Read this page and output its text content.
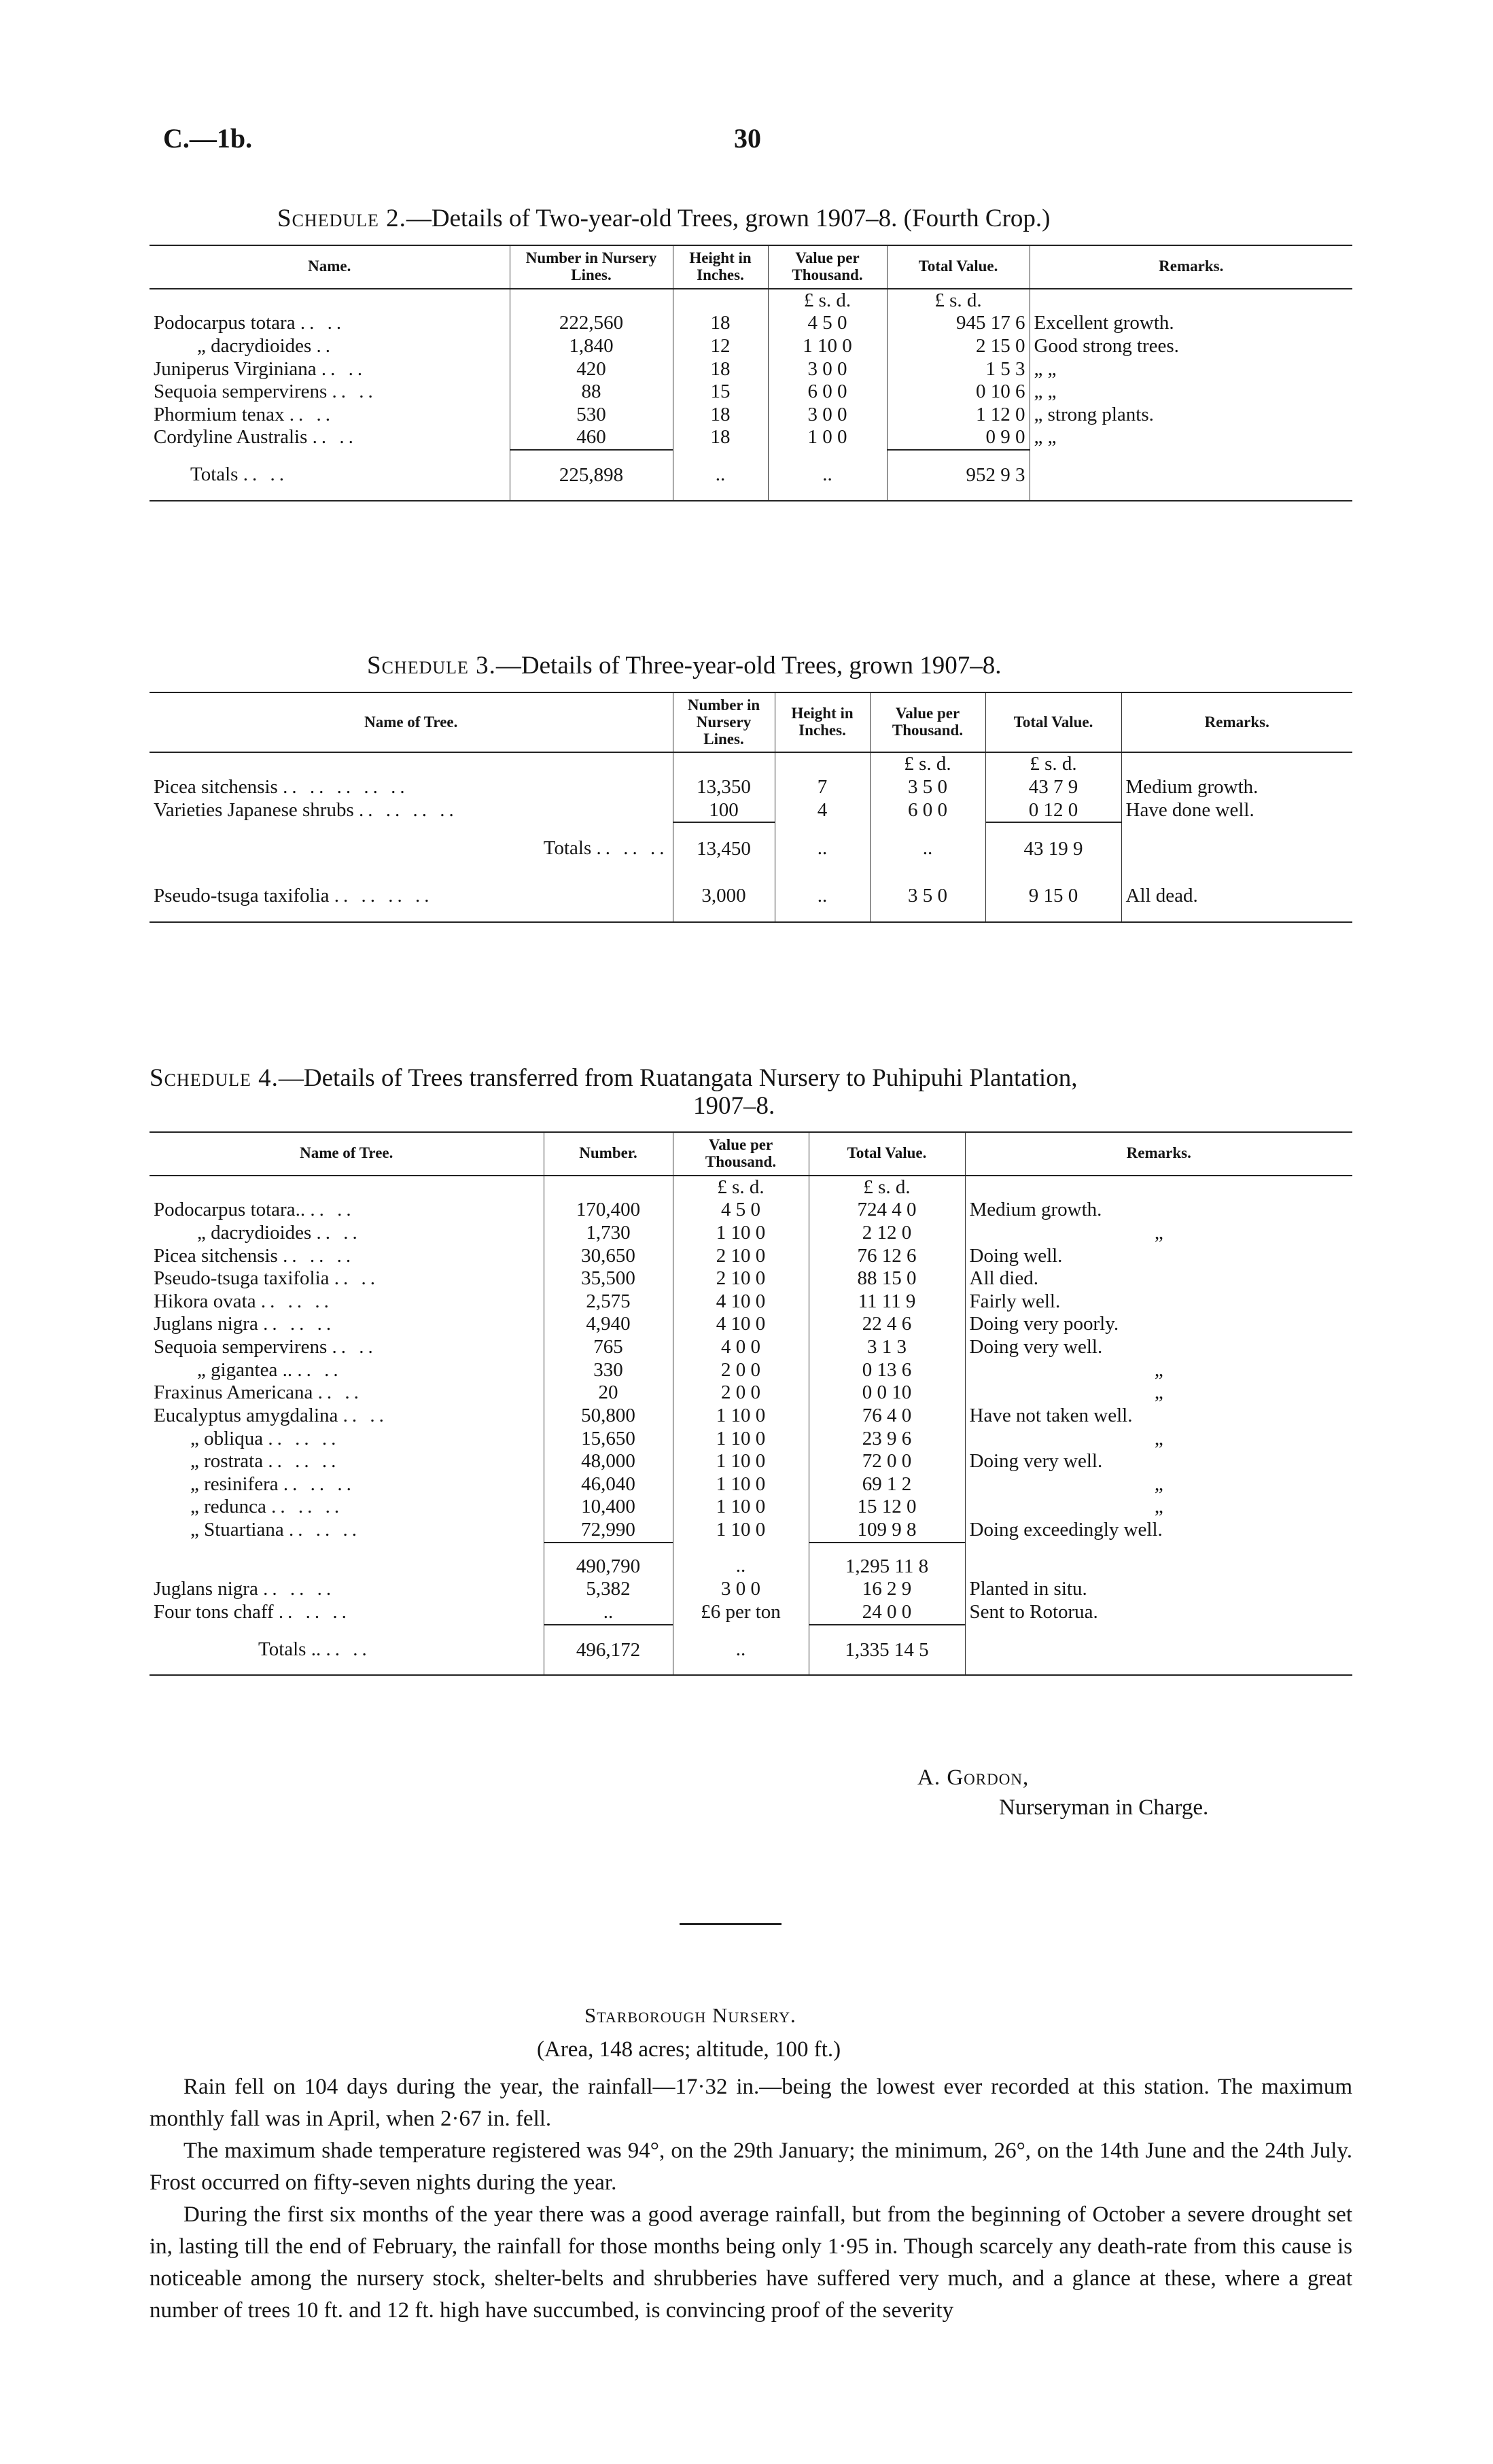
C.—1b.	30
Schedule 2.—Details of Two-year-old Trees, grown 1907–8. (Fourth Crop.)
Name.	Number in Nursery Lines.	Height in Inches.	Value per Thousand.	Total Value.	Remarks.
			£ s. d.	£ s. d.	
Podocarpus totara .. ..	222,560	18	4 5 0	945 17 6	Excellent growth.
„ dacrydioides ..	1,840	12	1 10 0	2 15 0	Good strong trees.
Juniperus Virginiana .. ..	420	18	3 0 0	1 5 3	„ „
Sequoia sempervirens .. ..	88	15	6 0 0	0 10 6	„ „
Phormium tenax .. ..	530	18	3 0 0	1 12 0	„ strong plants.
Cordyline Australis .. ..	460	18	1 0 0	0 9 0	„ „
Totals .. ..	225,898	..	..	952 9 3	
Schedule 3.—Details of Three-year-old Trees, grown 1907–8.
Name of Tree.	Number in Nursery Lines.	Height in Inches.	Value per Thousand.	Total Value.	Remarks.
			£ s. d.	£ s. d.	
Picea sitchensis .. .. .. .. ..	13,350	7	3 5 0	43 7 9	Medium growth.
Varieties Japanese shrubs .. .. .. ..	100	4	6 0 0	0 12 0	Have done well.
Totals .. .. ..	13,450	..	..	43 19 9	
Pseudo-tsuga taxifolia .. .. .. ..	3,000	..	3 5 0	9 15 0	All dead.
Schedule 4.—Details of Trees transferred from Ruatangata Nursery to Puhipuhi Plantation,
1907–8.
Name of Tree.	Number.	Value per Thousand.	Total Value.	Remarks.
		£ s. d.	£ s. d.	
Podocarpus totara.. .. ..	170,400	4 5 0	724 4 0	Medium growth.
„ dacrydioides .. ..	1,730	1 10 0	2 12 0	„
Picea sitchensis .. .. ..	30,650	2 10 0	76 12 6	Doing well.
Pseudo-tsuga taxifolia .. ..	35,500	2 10 0	88 15 0	All died.
Hikora ovata .. .. ..	2,575	4 10 0	11 11 9	Fairly well.
Juglans nigra .. .. ..	4,940	4 10 0	22 4 6	Doing very poorly.
Sequoia sempervirens .. ..	765	4 0 0	3 1 3	Doing very well.
„ gigantea .. .. ..	330	2 0 0	0 13 6	„
Fraxinus Americana .. ..	20	2 0 0	0 0 10	„
Eucalyptus amygdalina .. ..	50,800	1 10 0	76 4 0	Have not taken well.
„ obliqua .. .. ..	15,650	1 10 0	23 9 6	„
„ rostrata .. .. ..	48,000	1 10 0	72 0 0	Doing very well.
„ resinifera .. .. ..	46,040	1 10 0	69 1 2	„
„ redunca .. .. ..	10,400	1 10 0	15 12 0	„
„ Stuartiana .. .. ..	72,990	1 10 0	109 9 8	Doing exceedingly well.
	490,790	..	1,295 11 8	
Juglans nigra .. .. ..	5,382	3 0 0	16 2 9	Planted in situ.
Four tons chaff .. .. ..	..	£6 per ton	24 0 0	Sent to Rotorua.
Totals .. .. ..	496,172	..	1,335 14 5	
A. Gordon,
Nurseryman in Charge.
Starborough Nursery.
(Area, 148 acres; altitude, 100 ft.)

Rain fell on 104 days during the year, the rainfall—17·32 in.—being the lowest ever recorded at this station. The maximum monthly fall was in April, when 2·67 in. fell.

The maximum shade temperature registered was 94°, on the 29th January; the minimum, 26°, on the 14th June and the 24th July. Frost occurred on fifty-seven nights during the year.

During the first six months of the year there was a good average rainfall, but from the beginning of October a severe drought set in, lasting till the end of February, the rainfall for those months being only 1·95 in. Though scarcely any death-rate from this cause is noticeable among the nursery stock, shelter-belts and shrubberies have suffered very much, and a glance at these, where a great number of trees 10 ft. and 12 ft. high have succumbed, is convincing proof of the severity
